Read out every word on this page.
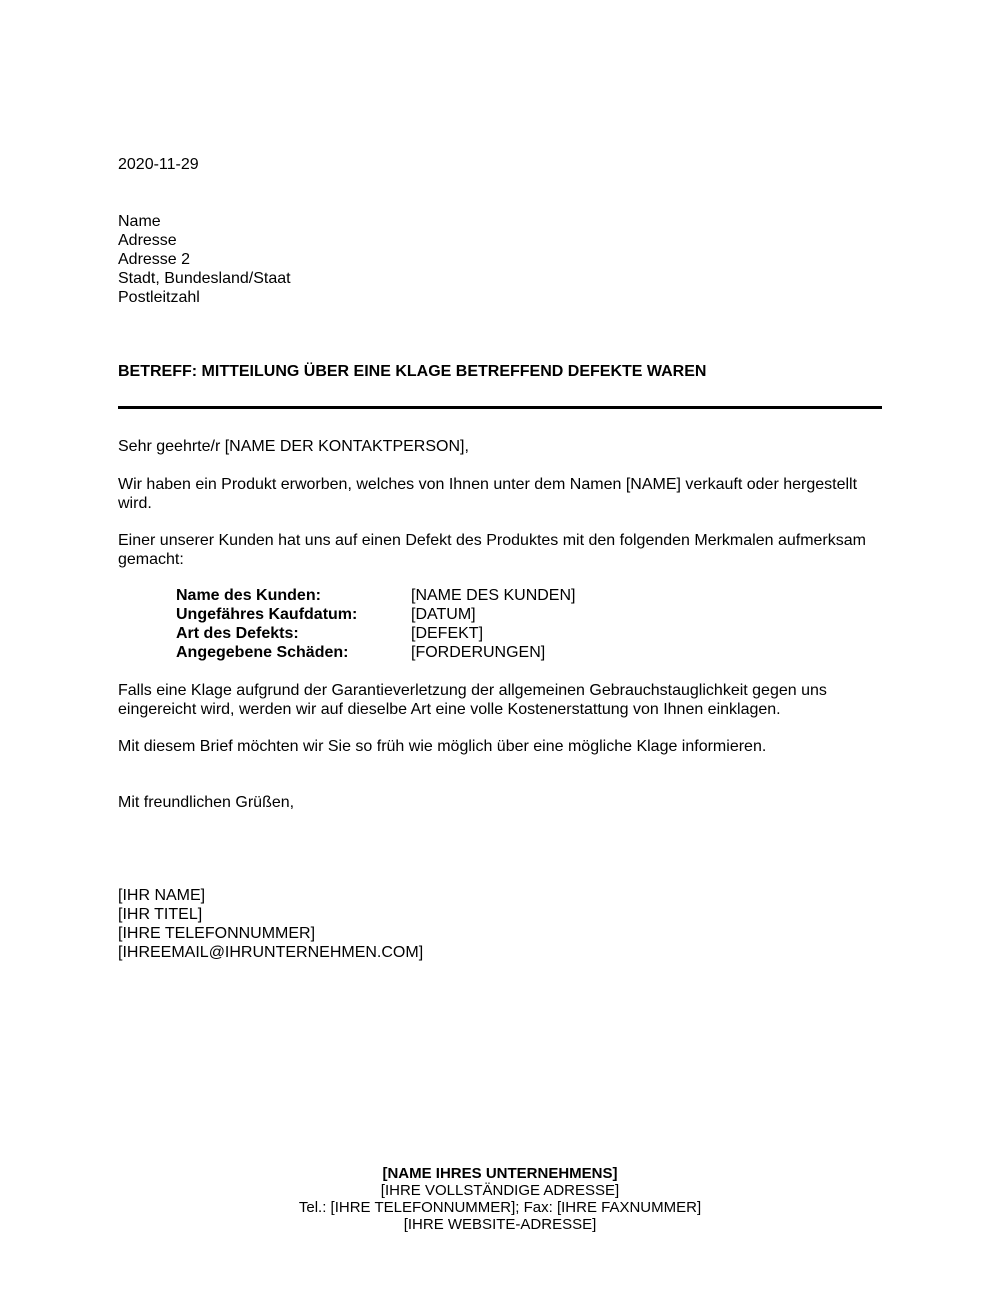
2020-11-29
Name
Adresse
Adresse 2
Stadt, Bundesland/Staat
Postleitzahl
BETREFF: MITTEILUNG ÜBER EINE KLAGE BETREFFEND DEFEKTE WAREN
Sehr geehrte/r [NAME DER KONTAKTPERSON],
Wir haben ein Produkt erworben, welches von Ihnen unter dem Namen [NAME] verkauft oder hergestellt wird.
Einer unserer Kunden hat uns auf einen Defekt des Produktes mit den folgenden Merkmalen aufmerksam gemacht:
Name des Kunden:	[NAME DES KUNDEN]
Ungefähres Kaufdatum:	[DATUM]
Art des Defekts:	[DEFEKT]
Angegebene Schäden:	[FORDERUNGEN]
Falls eine Klage aufgrund der Garantieverletzung der allgemeinen Gebrauchstauglichkeit gegen uns eingereicht wird, werden wir auf dieselbe Art eine volle Kostenerstattung von Ihnen einklagen.
Mit diesem Brief möchten wir Sie so früh wie möglich über eine mögliche Klage informieren.
Mit freundlichen Grüßen,
[IHR NAME]
[IHR TITEL]
[IHRE TELEFONNUMMER]
[IHREEMAIL@IHRUNTERNEHMEN.COM]
[NAME IHRES UNTERNEHMENS]
[IHRE VOLLSTÄNDIGE ADRESSE]
Tel.: [IHRE TELEFONNUMMER]; Fax: [IHRE FAXNUMMER]
[IHRE WEBSITE-ADRESSE]
